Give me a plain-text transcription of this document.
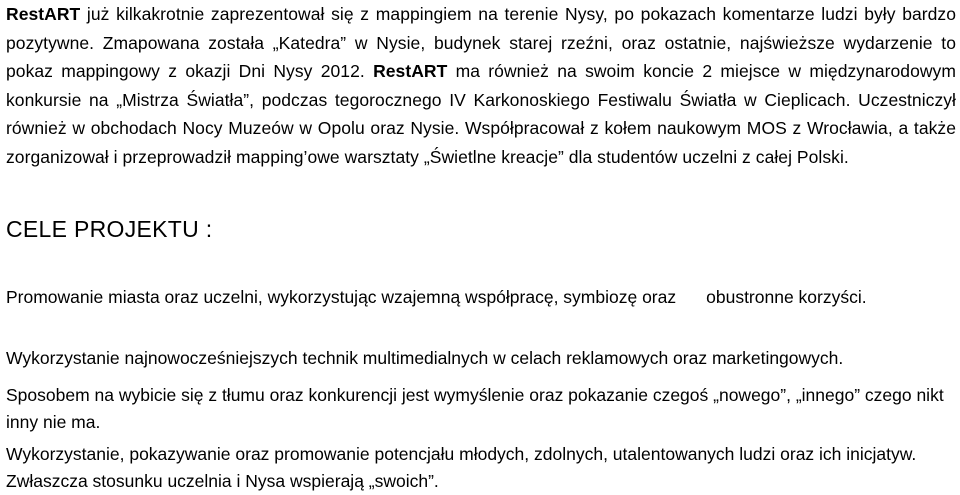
RestART już kilkakrotnie zaprezentował się z mappingiem na terenie Nysy, po pokazach komentarze ludzi były bardzo pozytywne. Zmapowana została „Katedra” w Nysie, budynek starej rzeźni, oraz ostatnie, najświeższe wydarzenie to pokaz mappingowy z okazji Dni Nysy 2012. RestART ma również na swoim koncie 2 miejsce w międzynarodowym konkursie na „Mistrza Światła”, podczas tegorocznego IV Karkonoskiego Festiwalu Światła w Cieplicach. Uczestniczył również w obchodach Nocy Muzeów w Opolu oraz Nysie. Współpracował z kołem naukowym MOS z Wrocławia, a także zorganizował i przeprowadził mapping’owe warsztaty „Świetlne kreacje” dla studentów uczelni z całej Polski.

CELE PROJEKTU :

Promowanie miasta oraz uczelni, wykorzystując wzajemną współpracę, symbiozę oraz obustronne korzyści.

Wykorzystanie najnowocześniejszych technik multimedialnych w celach reklamowych oraz marketingowych.

Sposobem na wybicie się z tłumu oraz konkurencji jest wymyślenie oraz pokazanie czegoś „nowego”, „innego” czego nikt inny nie ma.

Wykorzystanie, pokazywanie oraz promowanie potencjału młodych, zdolnych, utalentowanych ludzi oraz ich inicjatyw. Zwłaszcza stosunku uczelnia i Nysa wspierają „swoich”.
